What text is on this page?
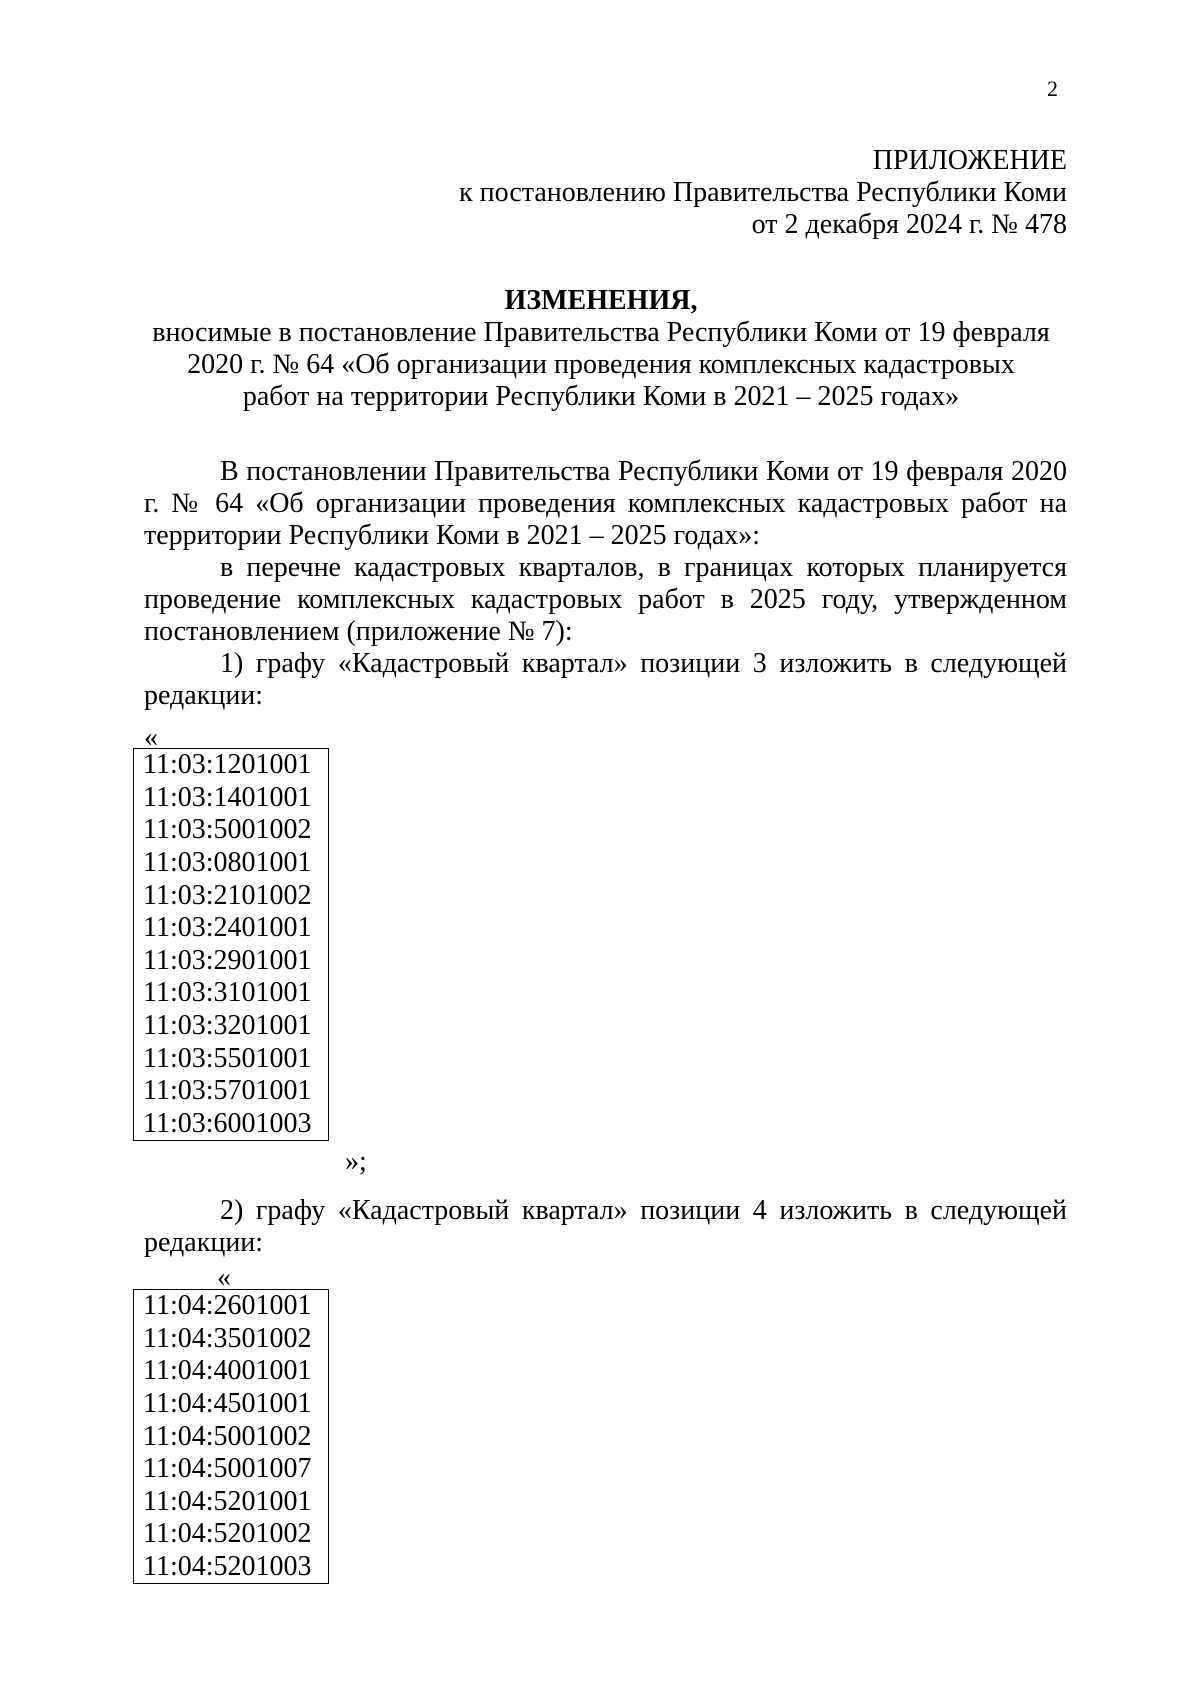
2
ПРИЛОЖЕНИЕ
к постановлению Правительства Республики Коми
от 2 декабря 2024 г. № 478
ИЗМЕНЕНИЯ,
вносимые в постановление Правительства Республики Коми от 19 февраля
2020 г. № 64 «Об организации проведения комплексных кадастровых
работ на территории Республики Коми в 2021 – 2025 годах»
В постановлении Правительства Республики Коми от 19 февраля 2020 г. № 64 «Об организации проведения комплексных кадастровых работ на территории Республики Коми в 2021 – 2025 годах»:
в перечне кадастровых кварталов, в границах которых планируется проведение комплексных кадастровых работ в 2025 году, утвержденном постановлением (приложение № 7):
1) графу «Кадастровый квартал» позиции 3 изложить в следующей редакции:
«
11:03:1201001
11:03:1401001
11:03:5001002
11:03:0801001
11:03:2101002
11:03:2401001
11:03:2901001
11:03:3101001
11:03:3201001
11:03:5501001
11:03:5701001
11:03:6001003
»;
2) графу «Кадастровый квартал» позиции 4 изложить в следующей редакции:
«
11:04:2601001
11:04:3501002
11:04:4001001
11:04:4501001
11:04:5001002
11:04:5001007
11:04:5201001
11:04:5201002
11:04:5201003
